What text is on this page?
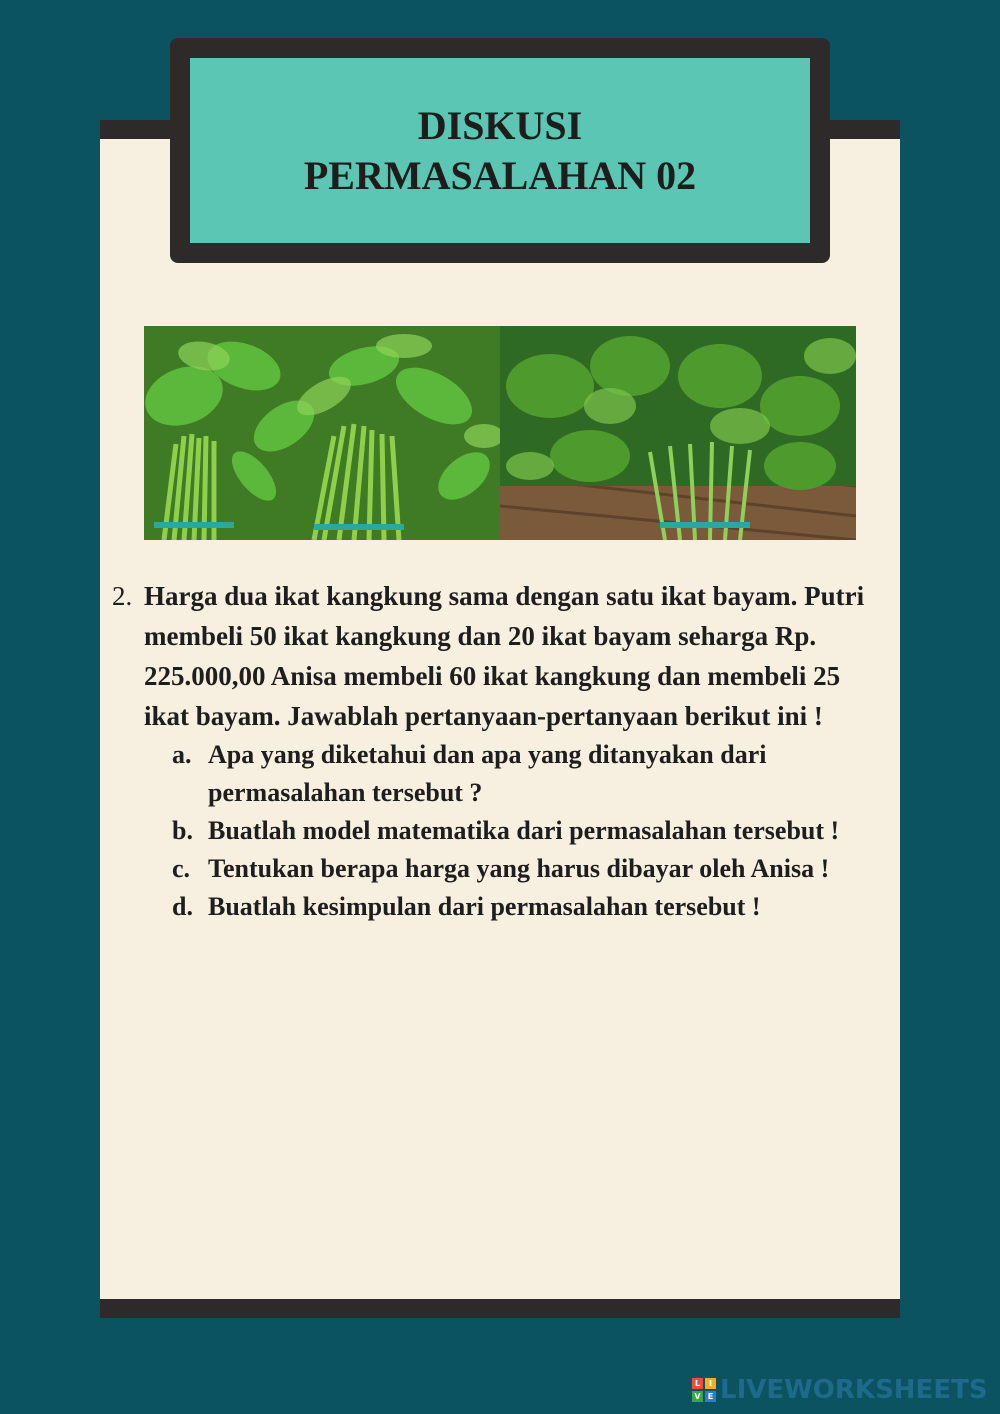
DISKUSI
PERMASALAHAN 02
2. Harga dua ikat kangkung sama dengan satu ikat bayam. Putri membeli 50 ikat kangkung dan 20 ikat bayam seharga Rp. 225.000,00 Anisa membeli 60 ikat kangkung dan membeli 25 ikat bayam. Jawablah pertanyaan-pertanyaan berikut ini !
a. Apa yang diketahui dan apa yang ditanyakan dari permasalahan tersebut ?
b. Buatlah model matematika dari permasalahan tersebut !
c. Tentukan berapa harga yang harus dibayar oleh Anisa !
d. Buatlah kesimpulan dari permasalahan tersebut !
L	I
V E LIVEWORKSHEETS
